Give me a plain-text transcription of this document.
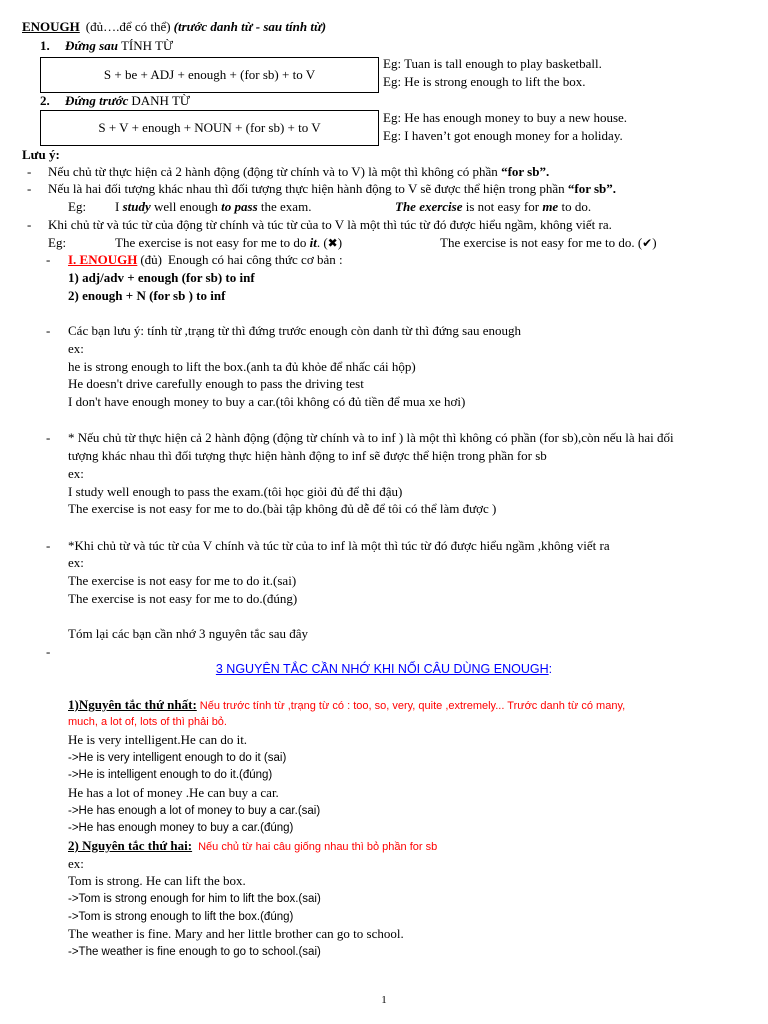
ENOUGH (đủ….để có thể) (trước danh từ - sau tính từ)
1. Đứng sau TÍNH TỪ
S + be + ADJ + enough + (for sb) + to V
Eg: Tuan is tall enough to play basketball.
Eg: He is strong enough to lift the box.
2. Đứng trước DANH TỪ
S + V + enough + NOUN + (for sb) + to V
Eg: He has enough money to buy a new house.
Eg: I haven’t got enough money for a holiday.
Lưu ý:
- Nếu chủ từ thực hiện cả 2 hành động (động từ chính và to V) là một thì không có phần “for sb”.
- Nếu là hai đối tượng khác nhau thì đối tượng thực hiện hành động to V sẽ được thể hiện trong phần “for sb”.
Eg: I study well enough to pass the exam.	The exercise is not easy for me to do.
- Khi chủ từ và túc từ của động từ chính và túc từ của to V là một thì túc từ đó được hiểu ngầm, không viết ra.
Eg:	The exercise is not easy for me to do it. (✖)	The exercise is not easy for me to do. (✔)
- I. ENOUGH (đủ) Enough có hai công thức cơ bản :
1) adj/adv + enough (for sb) to inf
2) enough + N (for sb ) to inf
- Các bạn lưu ý: tính từ ,trạng từ thì đứng trước enough còn danh từ thì đứng sau enough
ex:
he is strong enough to lift the box.(anh ta đủ khỏe để nhấc cái hộp)
He doesn't drive carefully enough to pass the driving test
I don't have enough money to buy a car.(tôi không có đủ tiền để mua xe hơi)
- * Nếu chủ từ thực hiện cả 2 hành động (động từ chính và to inf ) là một thì không có phần (for sb),còn nếu là hai đối
tượng khác nhau thì đối tượng thực hiện hành động to inf sẽ được thể hiện trong phần for sb
ex:
I study well enough to pass the exam.(tôi học giỏi đủ để thi đậu)
The exercise is not easy for me to do.(bài tập không đủ dễ để tôi có thể làm được )
- *Khi chủ từ và túc từ của V chính và túc từ của to inf là một thì túc từ đó được hiểu ngầm ,không viết ra
ex:
The exercise is not easy for me to do it.(sai)
The exercise is not easy for me to do.(đúng)
Tóm lại các bạn cần nhớ 3 nguyên tắc sau đây
-
3 NGUYÊN TẮC CẦN NHỚ KHI NỐI CÂU DÙNG ENOUGH:
1)Nguyên tắc thứ nhất: Nếu trước tính từ ,trạng từ có : too, so, very, quite ,extremely... Trước danh từ có many,
much, a lot of, lots of thì phải bỏ.
He is very intelligent.He can do it.
->He is very intelligent enough to do it (sai)
->He is intelligent enough to do it.(đúng)
He has a lot of money .He can buy a car.
->He has enough a lot of money to buy a car.(sai)
->He has enough money to buy a car.(đúng)
2) Nguyên tắc thứ hai: Nếu chủ từ hai câu giống nhau thì bỏ phần for sb
ex:
Tom is strong. He can lift the box.
->Tom is strong enough for him to lift the box.(sai)
->Tom is strong enough to lift the box.(đúng)
The weather is fine. Mary and her little brother can go to school.
->The weather is fine enough to go to school.(sai)
1
